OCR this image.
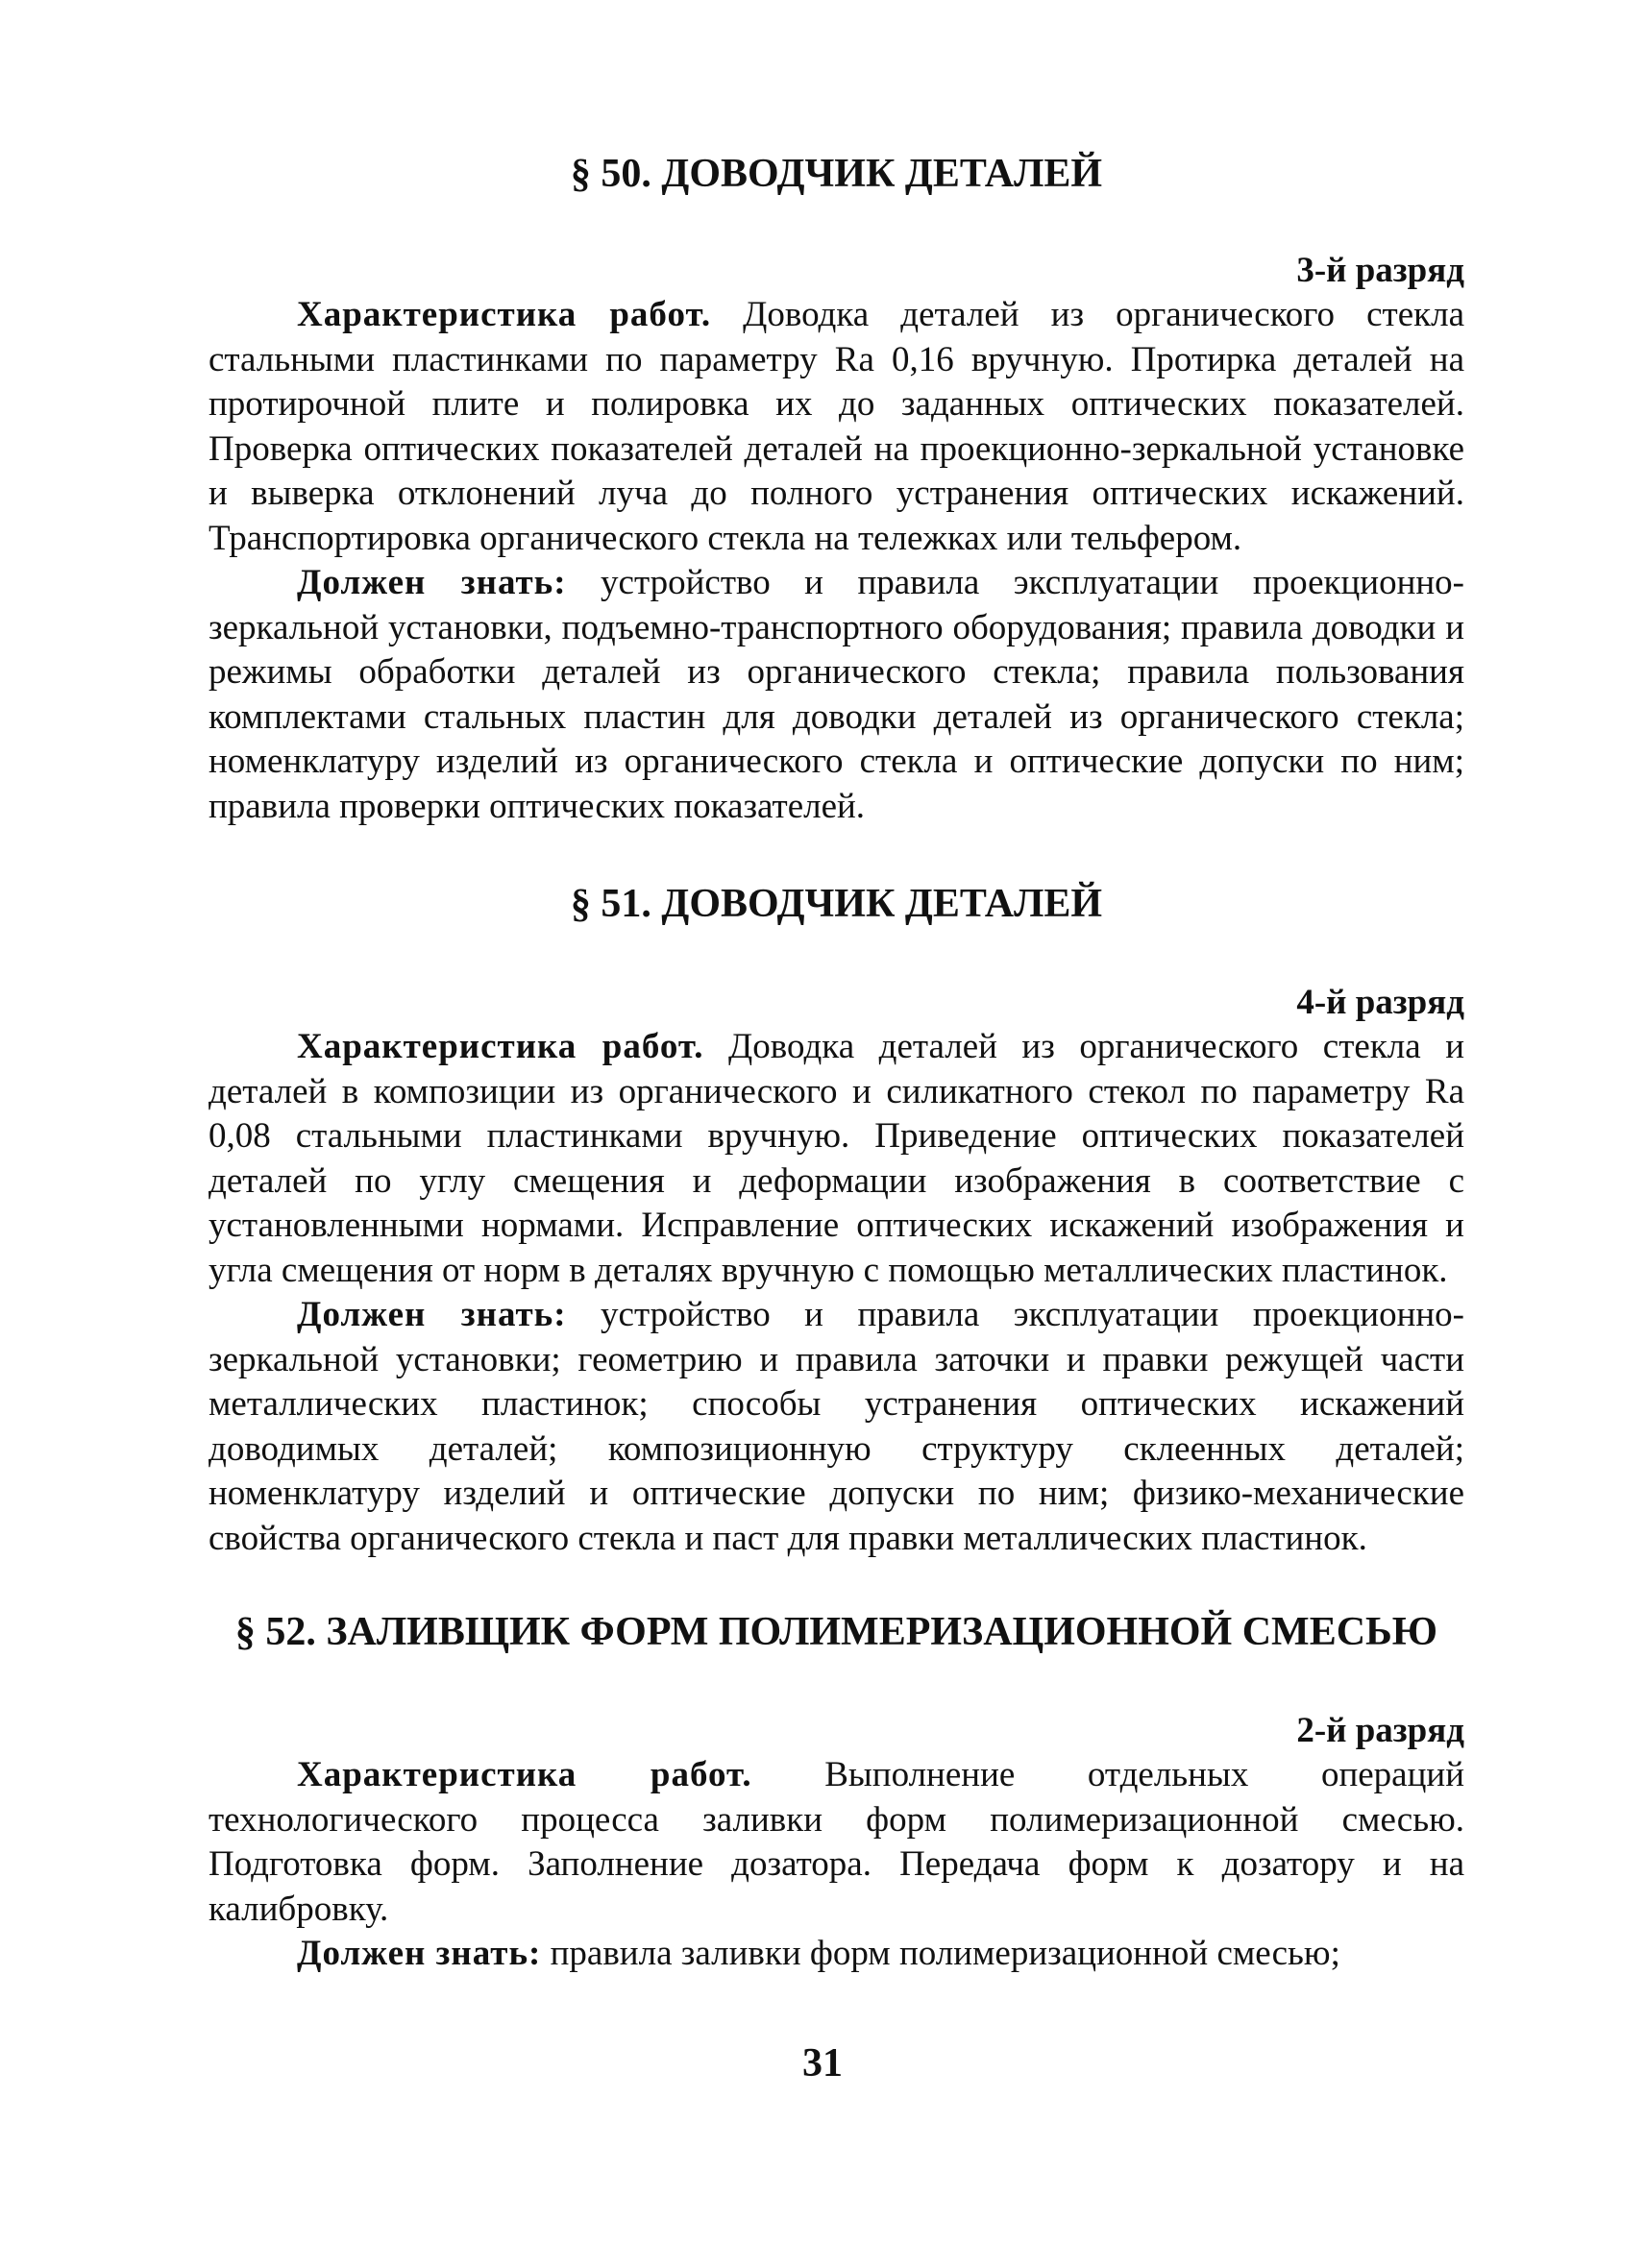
§ 50. ДОВОДЧИК ДЕТАЛЕЙ

3-й разряд

Характеристика работ. Доводка деталей из органического стекла стальными пластинками по параметру Ra 0,16 вручную. Протирка деталей на протирочной плите и полировка их до заданных оптических показателей. Проверка оптических показателей деталей на проекционно-зеркальной установке и выверка отклонений луча до полного устранения оптических искажений. Транспортировка органического стекла на тележках или тельфером.

Должен знать: устройство и правила эксплуатации проекционно-зеркальной установки, подъемно-транспортного оборудования; правила доводки и режимы обработки деталей из органического стекла; правила пользования комплектами стальных пластин для доводки деталей из органического стекла; номенклатуру изделий из органического стекла и оптические допуски по ним; правила проверки оптических показателей.

§ 51. ДОВОДЧИК ДЕТАЛЕЙ

4-й разряд

Характеристика работ. Доводка деталей из органического стекла и деталей в композиции из органического и силикатного стекол по параметру Ra 0,08 стальными пластинками вручную. Приведение оптических показателей деталей по углу смещения и деформации изображения в соответствие с установленными нормами. Исправление оптических искажений изображения и угла смещения от норм в деталях вручную с помощью металлических пластинок.

Должен знать: устройство и правила эксплуатации проекционно-зеркальной установки; геометрию и правила заточки и правки режущей части металлических пластинок; способы устранения оптических искажений доводимых деталей; композиционную структуру склеенных деталей; номенклатуру изделий и оптические допуски по ним; физико-механические свойства органического стекла и паст для правки металлических пластинок.

§ 52. ЗАЛИВЩИК ФОРМ ПОЛИМЕРИЗАЦИОННОЙ СМЕСЬЮ

2-й разряд

Характеристика работ. Выполнение отдельных операций технологического процесса заливки форм полимеризационной смесью. Подготовка форм. Заполнение дозатора. Передача форм к дозатору и на калибровку.

Должен знать: правила заливки форм полимеризационной смесью;

31
